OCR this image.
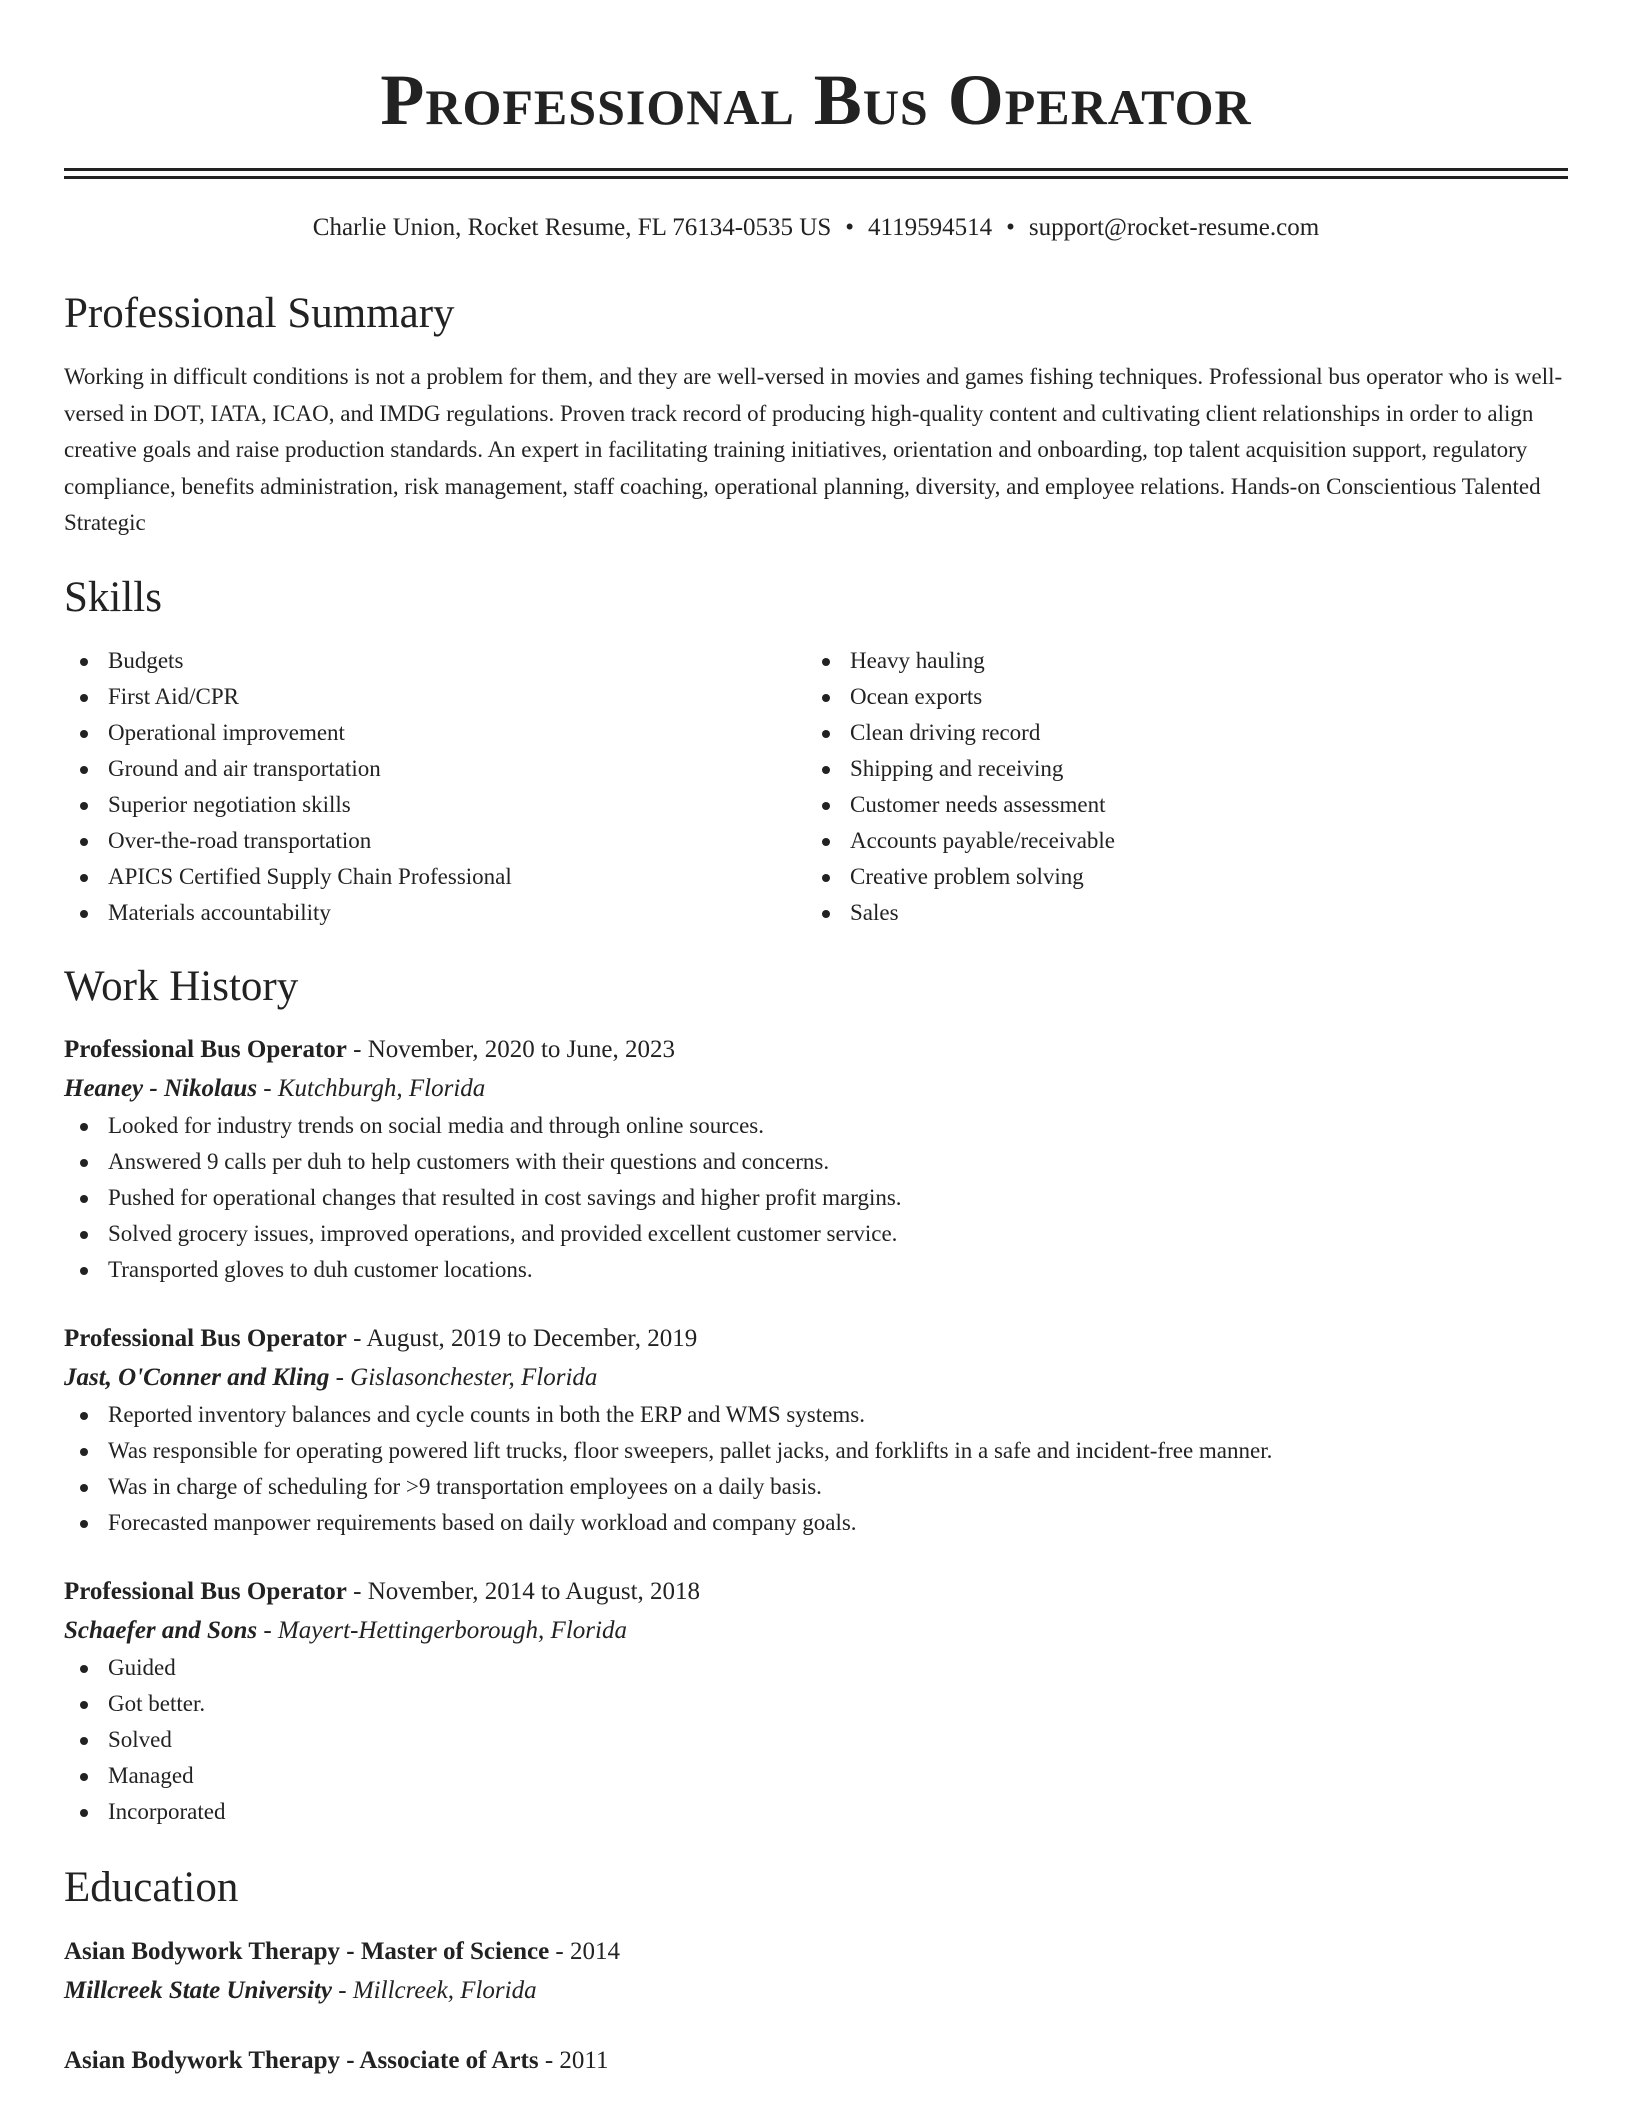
Professional Bus Operator
Charlie Union, Rocket Resume, FL 76134-0535 US • 4119594514 • support@rocket-resume.com
Professional Summary
Working in difficult conditions is not a problem for them, and they are well-versed in movies and games fishing techniques. Professional bus operator who is well-versed in DOT, IATA, ICAO, and IMDG regulations. Proven track record of producing high-quality content and cultivating client relationships in order to align creative goals and raise production standards. An expert in facilitating training initiatives, orientation and onboarding, top talent acquisition support, regulatory compliance, benefits administration, risk management, staff coaching, operational planning, diversity, and employee relations. Hands-on Conscientious Talented Strategic
Skills
Budgets
First Aid/CPR
Operational improvement
Ground and air transportation
Superior negotiation skills
Over-the-road transportation
APICS Certified Supply Chain Professional
Materials accountability
Heavy hauling
Ocean exports
Clean driving record
Shipping and receiving
Customer needs assessment
Accounts payable/receivable
Creative problem solving
Sales
Work History
Professional Bus Operator - November, 2020 to June, 2023
Heaney - Nikolaus - Kutchburgh, Florida
Looked for industry trends on social media and through online sources.
Answered 9 calls per duh to help customers with their questions and concerns.
Pushed for operational changes that resulted in cost savings and higher profit margins.
Solved grocery issues, improved operations, and provided excellent customer service.
Transported gloves to duh customer locations.
Professional Bus Operator - August, 2019 to December, 2019
Jast, O'Conner and Kling - Gislasonchester, Florida
Reported inventory balances and cycle counts in both the ERP and WMS systems.
Was responsible for operating powered lift trucks, floor sweepers, pallet jacks, and forklifts in a safe and incident-free manner.
Was in charge of scheduling for >9 transportation employees on a daily basis.
Forecasted manpower requirements based on daily workload and company goals.
Professional Bus Operator - November, 2014 to August, 2018
Schaefer and Sons - Mayert-Hettingerborough, Florida
Guided
Got better.
Solved
Managed
Incorporated
Education
Asian Bodywork Therapy - Master of Science - 2014
Millcreek State University - Millcreek, Florida
Asian Bodywork Therapy - Associate of Arts - 2011
